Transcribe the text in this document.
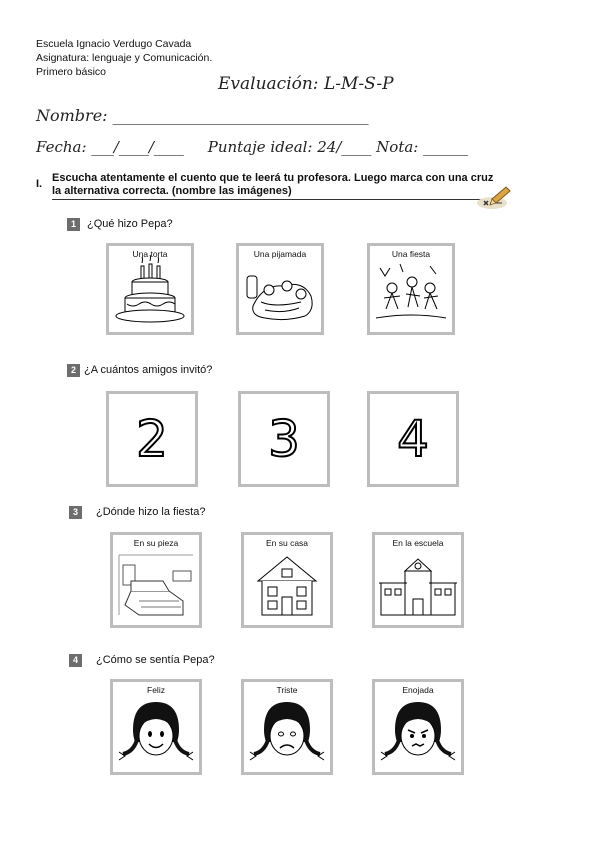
Escuela Ignacio Verdugo Cavada
Asignatura: lenguaje y Comunicación.
Primero básico
Evaluación: L-M-S-P
Nombre: ________________________________
Fecha: ___/____/____     Puntaje ideal: 24/____ Nota: ______
I. Escucha atentamente el cuento que te leerá tu profesora. Luego marca con una cruz la alternativa correcta. (nombre las imágenes)
1	¿Qué hizo Pepa?
Una torta	Una pijamada	Una fiesta
2 ¿A cuántos amigos invitó?
2 3 4
3	¿Dónde hizo la fiesta?
En su pieza	En su casa	En la escuela
4	¿Cómo se sentía Pepa?
Feliz	Triste	Enojada
